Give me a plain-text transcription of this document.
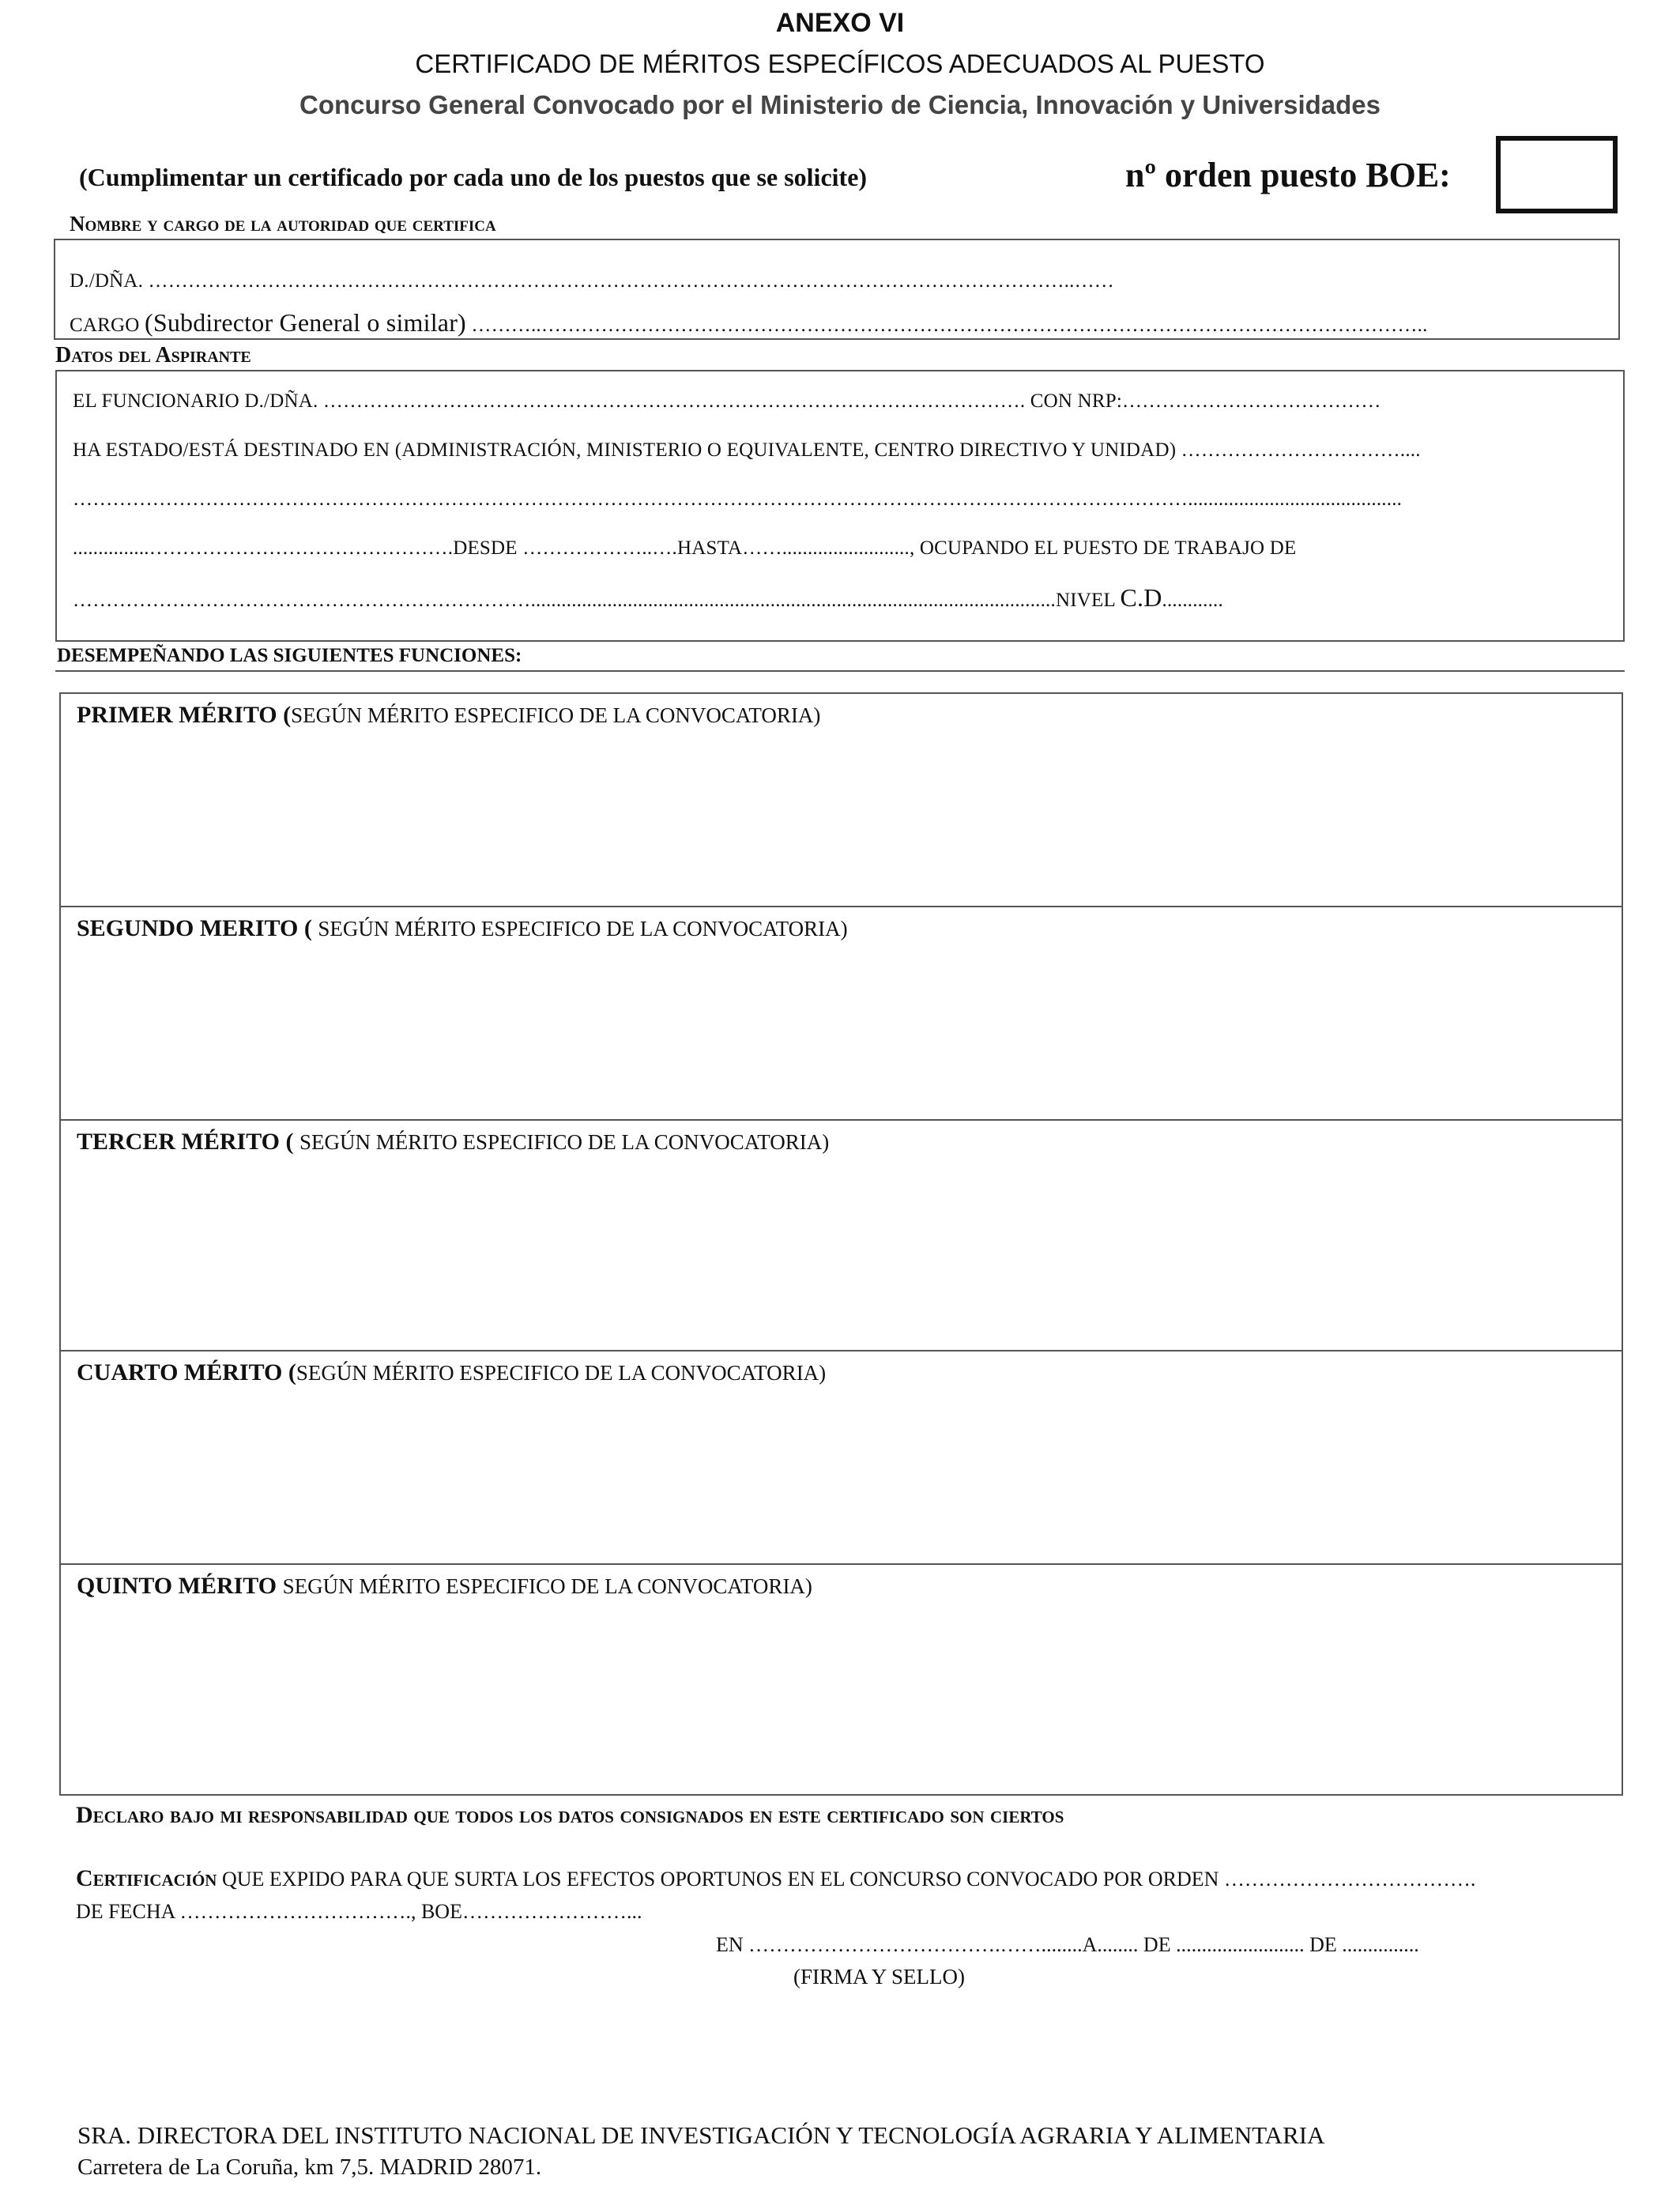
ANEXO VI
CERTIFICADO DE MÉRITOS ESPECÍFICOS ADECUADOS AL PUESTO
Concurso General Convocado por el Ministerio de Ciencia, Innovación y Universidades
(Cumplimentar un certificado por cada uno de los puestos que se solicite)	nº orden puesto BOE:
Nombre y cargo de la autoridad que certifica
D./DÑA. …………………………………………………………………………………………………………………………..……
CARGO (Subdirector General o similar) ………..……………………………………………………………………………………………………………………..
Datos del Aspirante
EL FUNCIONARIO D./DÑA. ……………………………………………………………………………………………. CON NRP:…………………………………
HA ESTADO/ESTÁ DESTINADO EN (ADMINISTRACIÓN, MINISTERIO O EQUIVALENTE, CENTRO DIRECTIVO Y UNIDAD) ……………………………....
……………………………………………………………………………………………………………………………………………………..........................................
...............……………………………………….DESDE ………………..….HASTA……........................., OCUPANDO EL PUESTO DE TRABAJO DE
…………………………………………………………….......................................................................................................NIVEL C.D............
DESEMPEÑANDO LAS SIGUIENTES FUNCIONES:
PRIMER MÉRITO (SEGÚN MÉRITO ESPECIFICO DE LA CONVOCATORIA)
SEGUNDO MERITO ( SEGÚN MÉRITO ESPECIFICO DE LA CONVOCATORIA)
TERCER MÉRITO ( SEGÚN MÉRITO ESPECIFICO DE LA CONVOCATORIA)
CUARTO MÉRITO (SEGÚN MÉRITO ESPECIFICO DE LA CONVOCATORIA)
QUINTO MÉRITO SEGÚN MÉRITO ESPECIFICO DE LA CONVOCATORIA)
Declaro bajo mi responsabilidad que todos los datos consignados en este certificado son ciertos
Certificación QUE EXPIDO PARA QUE SURTA LOS EFECTOS OPORTUNOS EN EL CONCURSO CONVOCADO POR ORDEN ……………………………….
DE FECHA ……………………………., BOE……………………...
EN ……………………………….……........A........ DE ......................... DE ...............
(FIRMA Y SELLO)
SRA. DIRECTORA DEL INSTITUTO NACIONAL DE INVESTIGACIÓN Y TECNOLOGÍA AGRARIA Y ALIMENTARIA
Carretera de La Coruña, km 7,5. MADRID 28071.
